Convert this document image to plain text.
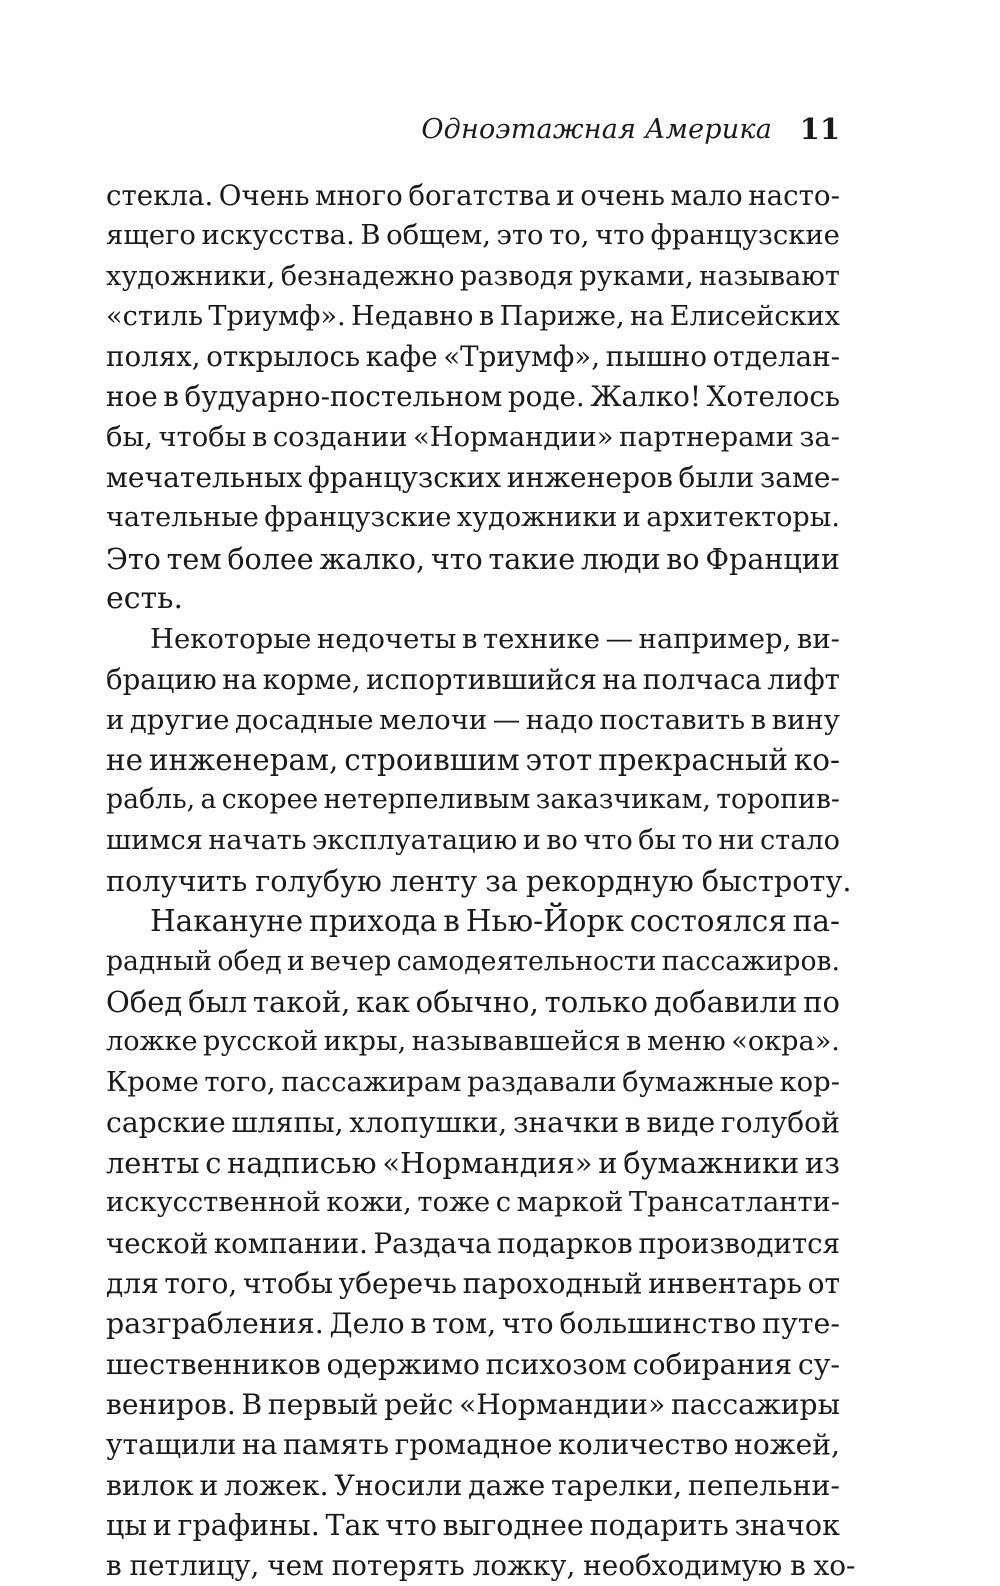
Одноэтажная Америка 11
стекла. Очень много богатства и очень мало насто-
ящего искусства. В общем, это то, что французские
художники, безнадежно разводя руками, называют
«стиль Триумф». Недавно в Париже, на Елисейских
полях, открылось кафе «Триумф», пышно отделан-
ное в будуарно-постельном роде. Жалко! Хотелось
бы, чтобы в создании «Нормандии» партнерами за-
мечательных французских инженеров были заме-
чательные французские художники и архитекторы.
Это тем более жалко, что такие люди во Франции
есть.
Некоторые недочеты в технике — например, ви-
брацию на корме, испортившийся на полчаса лифт
и другие досадные мелочи — надо поставить в вину
не инженерам, строившим этот прекрасный ко-
рабль, а скорее нетерпеливым заказчикам, торопив-
шимся начать эксплуатацию и во что бы то ни стало
получить голубую ленту за рекордную быстроту.
Накануне прихода в Нью-Йорк состоялся па-
радный обед и вечер самодеятельности пассажиров.
Обед был такой, как обычно, только добавили по
ложке русской икры, называвшейся в меню «окра».
Кроме того, пассажирам раздавали бумажные кор-
сарские шляпы, хлопушки, значки в виде голубой
ленты с надписью «Нормандия» и бумажники из
искусственной кожи, тоже с маркой Трансатланти-
ческой компании. Раздача подарков производится
для того, чтобы уберечь пароходный инвентарь от
разграбления. Дело в том, что большинство путе-
шественников одержимо психозом собирания су-
вениров. В первый рейс «Нормандии» пассажиры
утащили на память громадное количество ножей,
вилок и ложек. Уносили даже тарелки, пепельни-
цы и графины. Так что выгоднее подарить значок
в петлицу, чем потерять ложку, необходимую в хо-
